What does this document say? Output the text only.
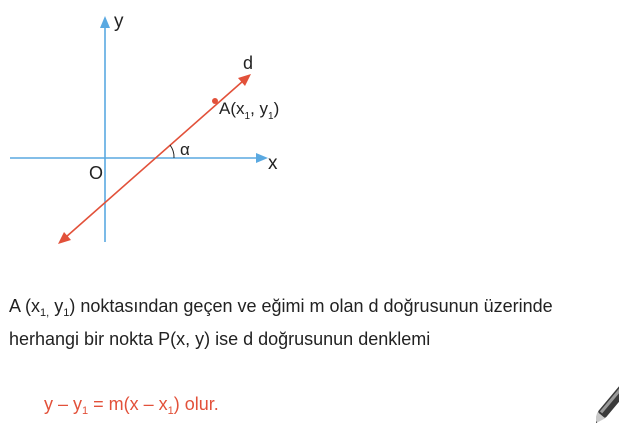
y
x
O
d
α
$A(x_1$, $y_1$)
A ($x_{1,}$ $y_1$) noktasından geçen ve eğimi m olan d doğrusunun üzerinde herhangi bir nokta P(x, y) ise d doğrusunun denklemi
$y - y_1 = m(x - x_1)$ olur.
